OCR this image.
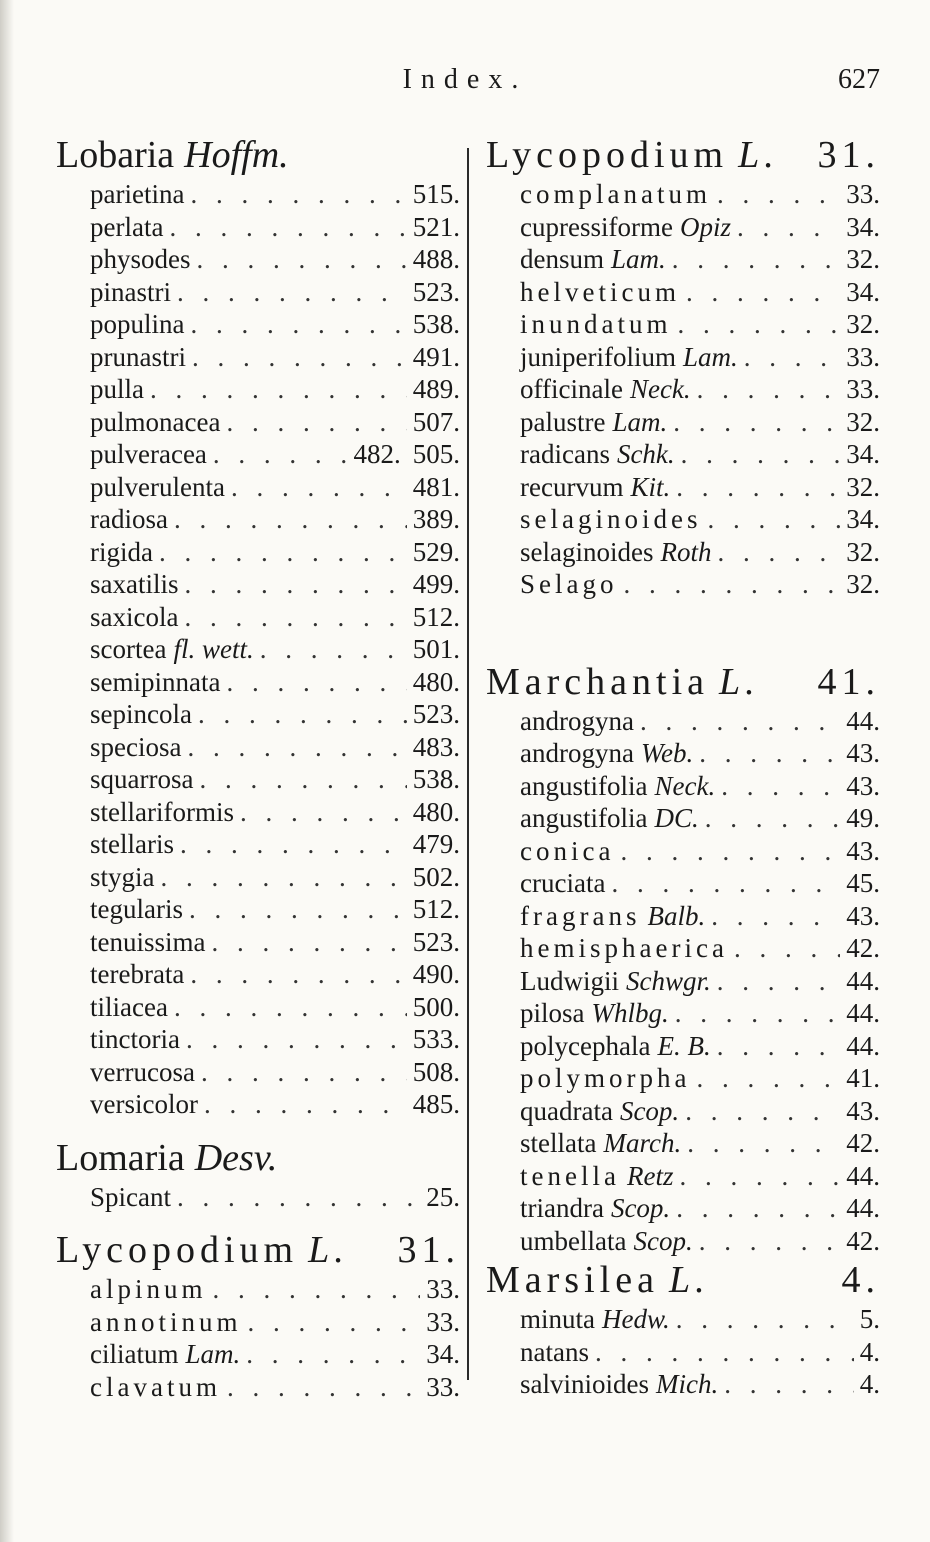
Index.	627
Lobaria Hoffm.
parietina . . .	515.
perlata . . .	521.
physodes . . .	488.
pinastri . . .	523.
populina . . .	538.
prunastri . . .	491.
pulla . . .	489.
pulmonacea . . .	507.
pulveracea . . .	482. 505.
pulverulenta . . .	481.
radiosa . . .	389.
rigida . . .	529.
saxatilis . . .	499.
saxicola . . .	512.
scortea fl. wett. . . .	501.
semipinnata . . .	480.
sepincola . . .	523.
speciosa . . .	483.
squarrosa . . .	538.
stellariformis . . .	480.
stellaris . . .	479.
stygia . . .	502.
tegularis . . .	512.
tenuissima . . .	523.
terebrata . . .	490.
tiliacea . . .	500.
tinctoria . . .	533.
verrucosa . . .	508.
versicolor . . .	485.
Lomaria Desv.
Spicant . . .	25.
Lycopodium L. 31.
alpinum . . .	33.
annotinum . . .	33.
ciliatum Lam. . . .	34.
clavatum . . .	33.
Lycopodium L. 31.
complanatum . . .	33.
cupressiforme Opiz . . .	34.
densum Lam. . . .	32.
helveticum . . .	34.
inundatum . . .	32.
juniperifolium Lam. . . .	33.
officinale Neck. . . .	33.
palustre Lam. . . .	32.
radicans Schk. . . .	34.
recurvum Kit. . . .	32.
selaginoides . . .	34.
selaginoides Roth . . .	32.
Selago . . .	32.
Marchantia L. 41.
androgyna . . .	44.
androgyna Web. . . .	43.
angustifolia Neck. . . .	43.
angustifolia DC. . . .	49.
conica . . .	43.
cruciata . . .	45.
fragrans Balb. . . .	43.
hemisphaerica . . .	42.
Ludwigii Schwgr. . . .	44.
pilosa Whlbg. . . .	44.
polycephala E. B. . . .	44.
polymorpha . . .	41.
quadrata Scop. . . .	43.
stellata March. . . .	42.
tenella Retz . . .	44.
triandra Scop. . . .	44.
umbellata Scop. . . .	42.
Marsilea L.	4.
minuta Hedw. . . .	5.
natans . . .	4.
salvinioides Mich. . . .	4.
